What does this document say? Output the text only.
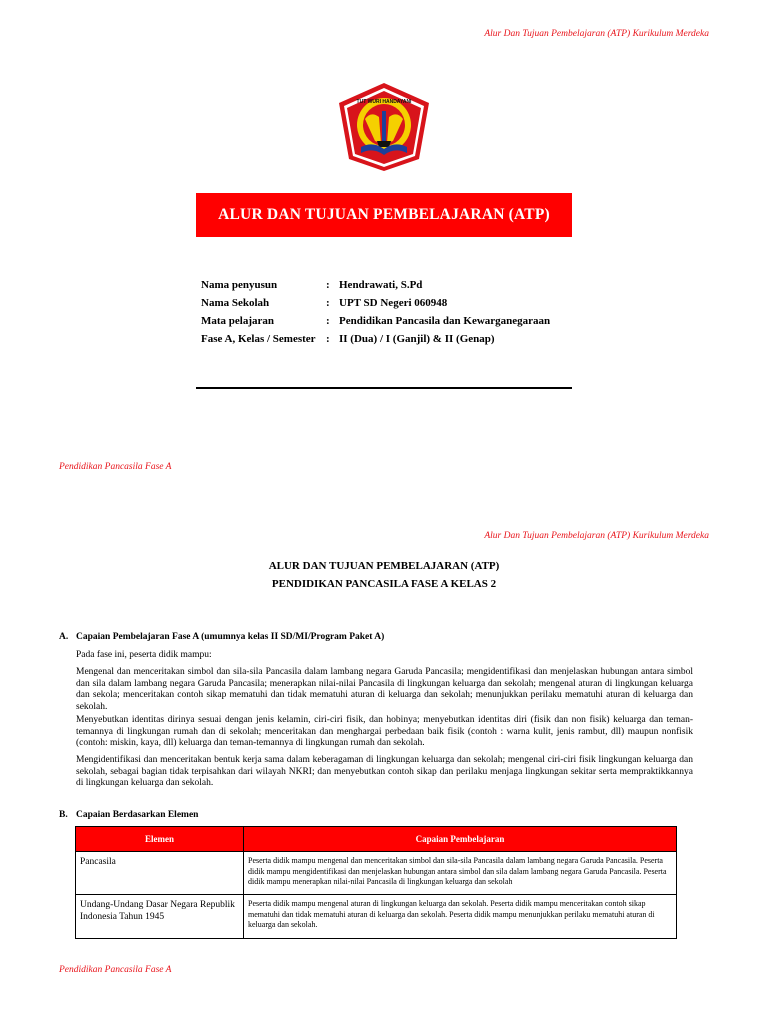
Alur Dan Tujuan Pembelajaran (ATP) Kurikulum Merdeka
TUT WURI HANDAYANI
ALUR DAN TUJUAN PEMBELAJARAN (ATP)
Nama penyusun	: Hendrawati, S.Pd
Nama Sekolah	: UPT SD Negeri 060948
Mata pelajaran	: Pendidikan Pancasila dan Kewarganegaraan
Fase A, Kelas / Semester : II (Dua) / I (Ganjil) & II (Genap)
Pendidikan Pancasila Fase A
Alur Dan Tujuan Pembelajaran (ATP) Kurikulum Merdeka
ALUR DAN TUJUAN PEMBELAJARAN (ATP)
PENDIDIKAN PANCASILA FASE A KELAS 2
A. Capaian Pembelajaran Fase A (umumnya kelas II SD/MI/Program Paket A)
Pada fase ini, peserta didik mampu:
Mengenal dan menceritakan simbol dan sila-sila Pancasila dalam lambang negara Garuda Pancasila; mengidentifikasi dan menjelaskan hubungan antara simbol dan sila dalam lambang negara Garuda Pancasila; menerapkan nilai-nilai Pancasila di lingkungan keluarga dan sekolah; mengenal aturan di lingkungan keluarga dan sekola; menceritakan contoh sikap mematuhi dan tidak mematuhi aturan di keluarga dan sekolah; menunjukkan perilaku mematuhi aturan di keluarga dan sekolah.
Menyebutkan identitas dirinya sesuai dengan jenis kelamin, ciri-ciri fisik, dan hobinya; menyebutkan identitas diri (fisik dan non fisik) keluarga dan teman-temannya di lingkungan rumah dan di sekolah; menceritakan dan menghargai perbedaan baik fisik (contoh : warna kulit, jenis rambut, dll) maupun nonfisik (contoh: miskin, kaya, dll) keluarga dan teman-temannya di lingkungan rumah dan sekolah.
Mengidentifikasi dan menceritakan bentuk kerja sama dalam keberagaman di lingkungan keluarga dan sekolah; mengenal ciri-ciri fisik lingkungan keluarga dan sekolah, sebagai bagian tidak terpisahkan dari wilayah NKRI; dan menyebutkan contoh sikap dan perilaku menjaga lingkungan sekitar serta mempraktikkannya di lingkungan keluarga dan sekolah.
B. Capaian Berdasarkan Elemen
Elemen	Capaian Pembelajaran
Pancasila	Peserta didik mampu mengenal dan menceritakan simbol dan sila-sila Pancasila dalam lambang negara Garuda Pancasila. Peserta didik mampu mengidentifikasi dan menjelaskan hubungan antara simbol dan sila dalam lambang negara Garuda Pancasila. Peserta didik mampu menerapkan nilai-nilai Pancasila di lingkungan keluarga dan sekolah
Undang-Undang Dasar Negara Republik Indonesia Tahun 1945	Peserta didik mampu mengenal aturan di lingkungan keluarga dan sekolah. Peserta didik mampu menceritakan contoh sikap mematuhi dan tidak mematuhi aturan di keluarga dan sekolah. Peserta didik mampu menunjukkan perilaku mematuhi aturan di keluarga dan sekolah.
Pendidikan Pancasila Fase A
